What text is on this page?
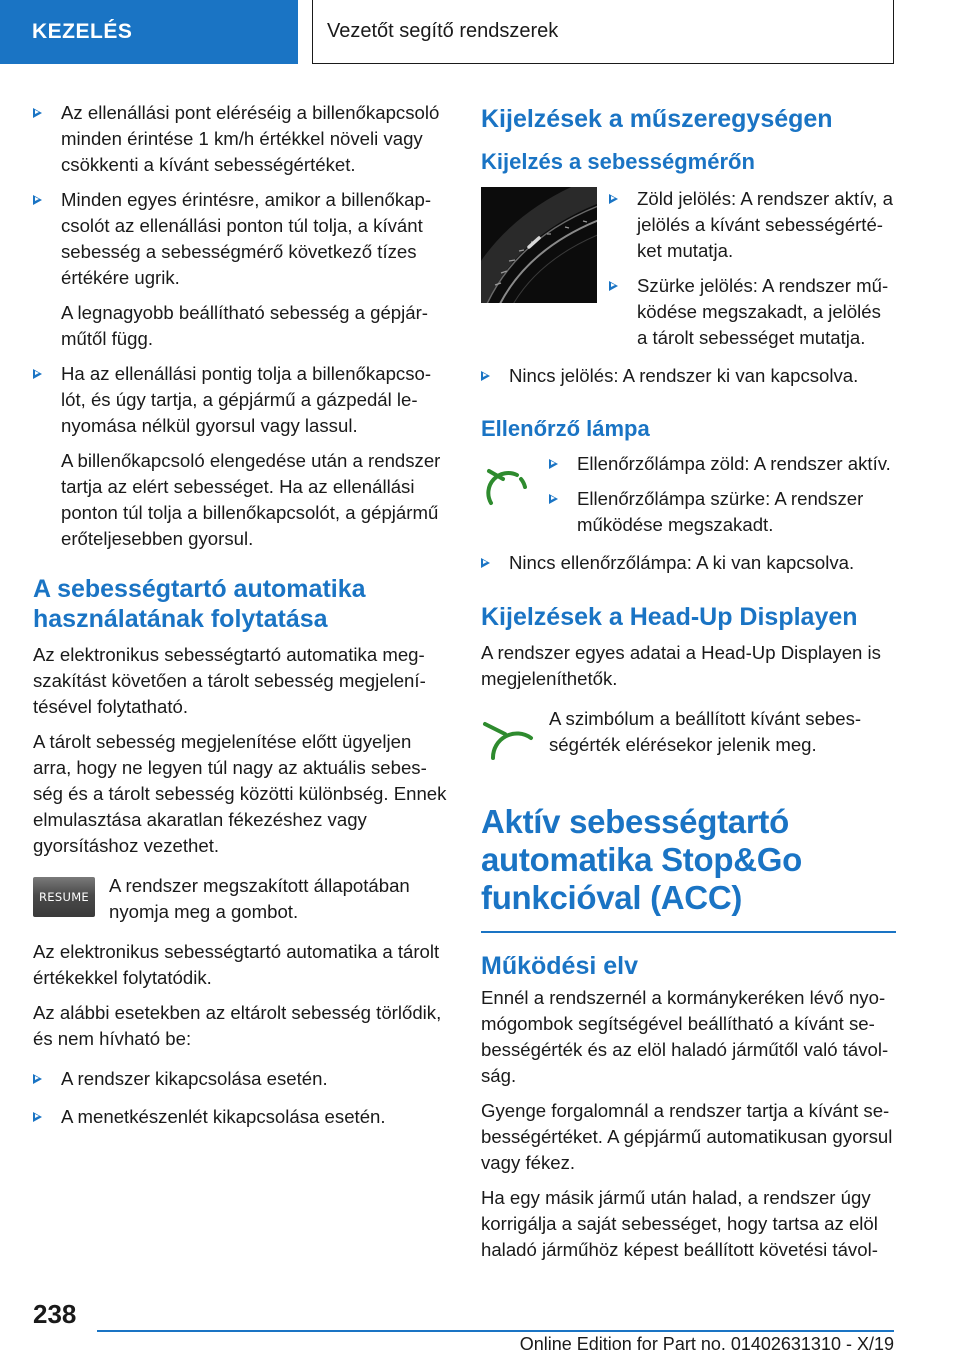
KEZELÉS	Vezetőt segítő rendszerek
Az ellenállási pont eléréséig a billenőkapcsoló minden érintése 1 km/h értékkel növeli vagy csökkenti a kívánt sebességértéket.
Minden egyes érintésre, amikor a billenőkapcsolót az ellenállási ponton túl tolja, a kívánt sebesség a sebességmérő következő tízes értékére ugrik.

A legnagyobb beállítható sebesség a gépjárműtől függ.

Ha az ellenállási pontig tolja a billenőkapcsolót, és úgy tartja, a gépjármű a gázpedál lenyomása nélkül gyorsul vagy lassul.

A billenőkapcsoló elengedése után a rendszer tartja az elért sebességet. Ha az ellenállási ponton túl tolja a billenőkapcsolót, a gépjármű erőteljesebben gyorsul.

A sebességtartó automatika használatának folytatása

Az elektronikus sebességtartó automatika megszakítást követően a tárolt sebesség megjelenítésével folytatható.

A tárolt sebesség megjelenítése előtt ügyeljen arra, hogy ne legyen túl nagy az aktuális sebesség és a tárolt sebesség közötti különbség. Ennek elmulasztása akaratlan fékezéshez vagy gyorsításhoz vezethet.

RESUME

A rendszer megszakított állapotában nyomja meg a gombot.

Az elektronikus sebességtartó automatika a tárolt értékekkel folytatódik.

Az alábbi esetekben az eltárolt sebesség törlődik, és nem hívható be:

A rendszer kikapcsolása esetén.
A menetkészenlét kikapcsolása esetén.
Kijelzések a műszeregységen
Kijelzés a sebességmérőn
Zöld jelölés: A rendszer aktív, a jelölés a kívánt sebességértéket mutatja.
Szürke jelölés: A rendszer működése megszakadt, a jelölés a tárolt sebességet mutatja.
Nincs jelölés: A rendszer ki van kapcsolva.
Ellenőrző lámpa
Ellenőrzőlámpa zöld: A rendszer aktív.
Ellenőrzőlámpa szürke: A rendszer működése megszakadt.
Nincs ellenőrzőlámpa: A ki van kapcsolva.
Kijelzések a Head-Up Displayen

A rendszer egyes adatai a Head-Up Displayen is megjeleníthetők.

A szimbólum a beállított kívánt sebességérték elérésekor jelenik meg.

Aktív sebességtartó
automatika Stop&Go
funkcióval (ACC)
Működési elv

Ennél a rendszernél a kormánykeréken lévő nyomógombok segítségével beállítható a kívánt sebességérték és az elöl haladó járműtől való távolság.

Gyenge forgalomnál a rendszer tartja a kívánt sebességértéket. A gépjármű automatikusan gyorsul vagy fékez.

Ha egy másik jármű után halad, a rendszer úgy korrigálja a saját sebességet, hogy tartsa az elöl haladó járműhöz képest beállított követési távol-

238
Online Edition for Part no. 01402631310 - X/19
